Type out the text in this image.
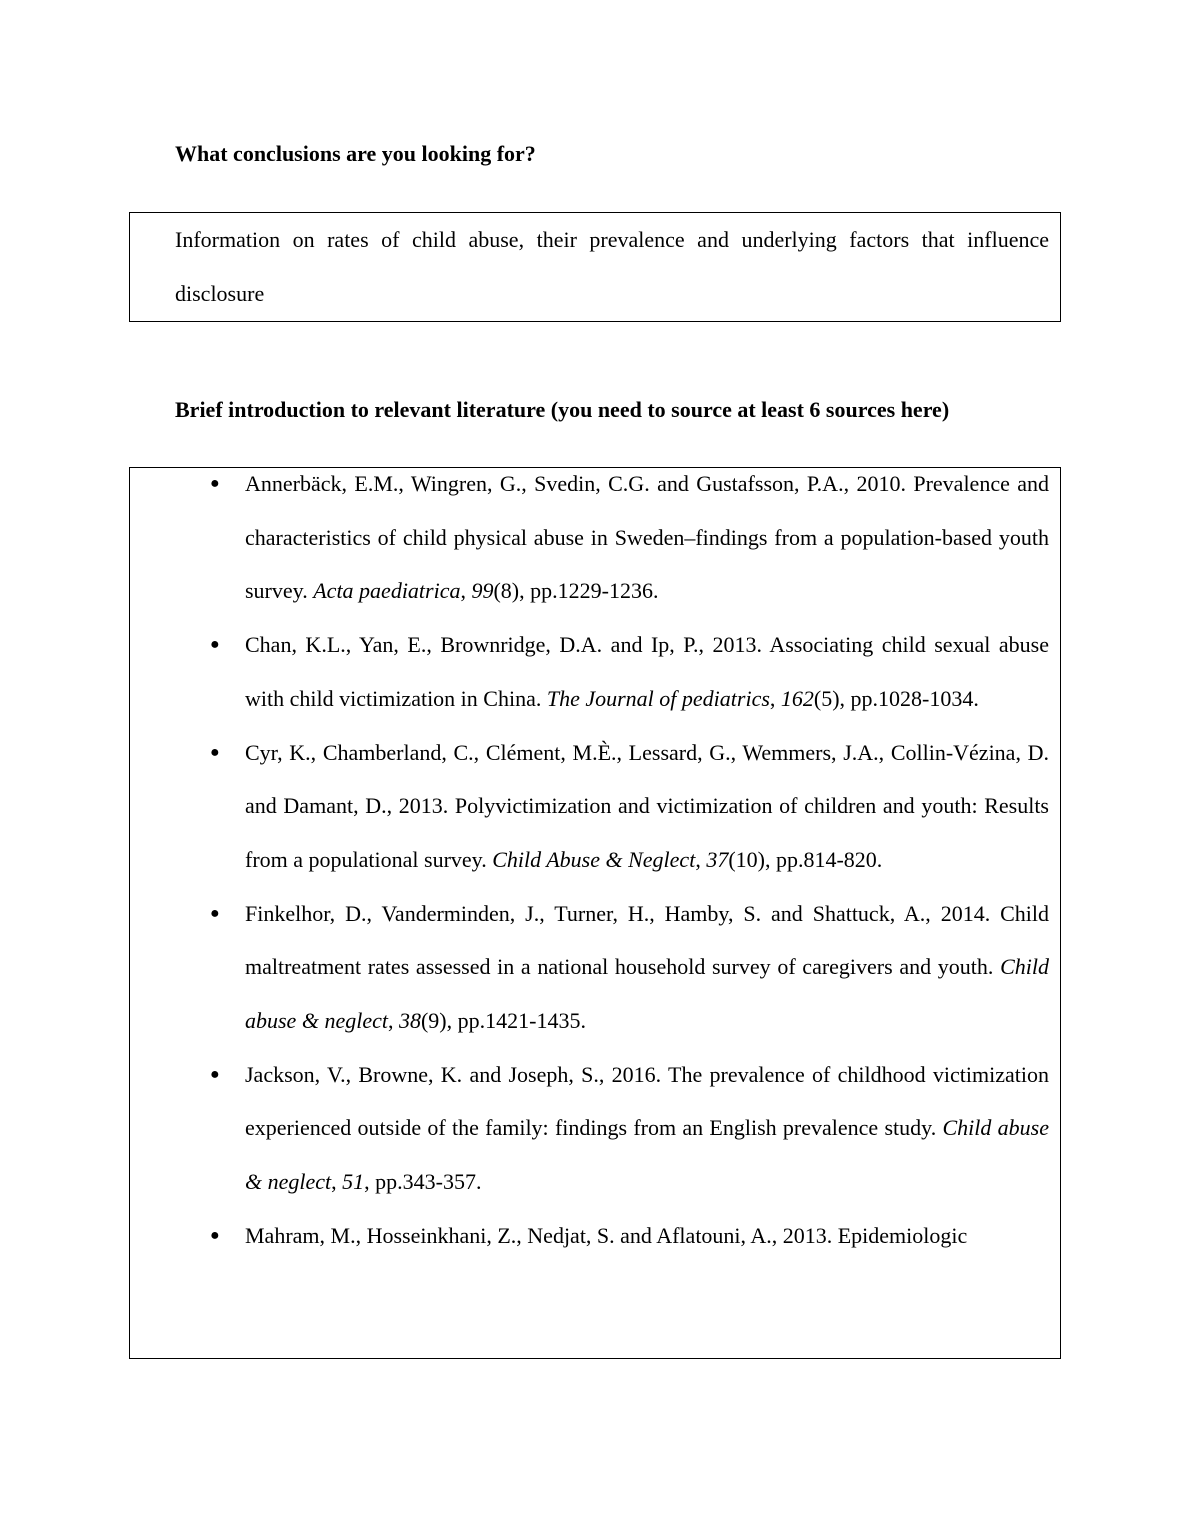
What conclusions are you looking for?
Information on rates of child abuse, their prevalence and underlying factors that influence disclosure
Brief introduction to relevant literature (you need to source at least 6 sources here)
●
Annerbäck, E.M., Wingren, G., Svedin, C.G. and Gustafsson, P.A., 2010. Prevalence and characteristics of child physical abuse in Sweden–findings from a population-based youth survey. Acta paediatrica, 99(8), pp.1229-1236.
●
Chan, K.L., Yan, E., Brownridge, D.A. and Ip, P., 2013. Associating child sexual abuse with child victimization in China. The Journal of pediatrics, 162(5), pp.1028-1034.
●
Cyr, K., Chamberland, C., Clément, M.È., Lessard, G., Wemmers, J.A., Collin-Vézina, D. and Damant, D., 2013. Polyvictimization and victimization of children and youth: Results from a populational survey. Child Abuse & Neglect, 37(10), pp.814-820.
●
Finkelhor, D., Vanderminden, J., Turner, H., Hamby, S. and Shattuck, A., 2014. Child maltreatment rates assessed in a national household survey of caregivers and youth. Child abuse & neglect, 38(9), pp.1421-1435.
●
Jackson, V., Browne, K. and Joseph, S., 2016. The prevalence of childhood victimization experienced outside of the family: findings from an English prevalence study. Child abuse & neglect, 51, pp.343-357.
●
Mahram, M., Hosseinkhani, Z., Nedjat, S. and Aflatouni, A., 2013. Epidemiologic
